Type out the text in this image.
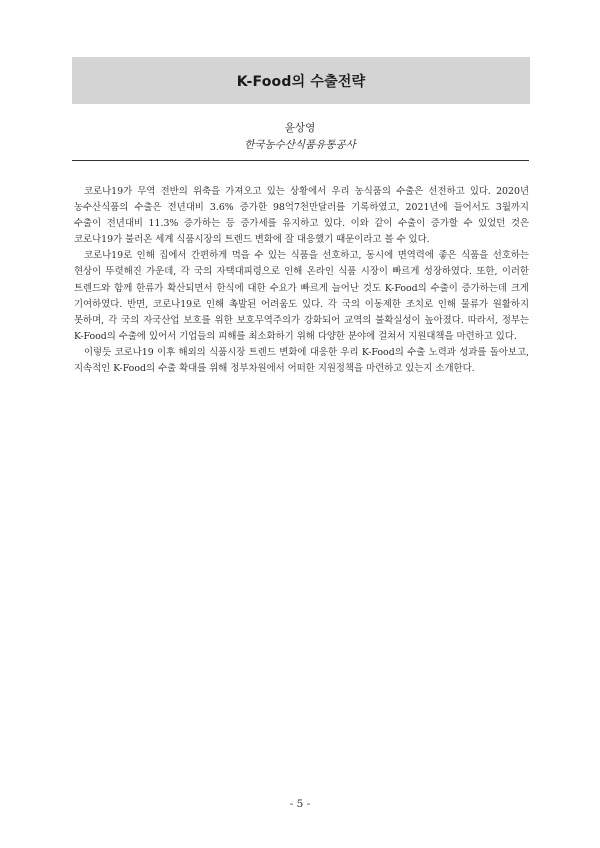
K-Food의 수출전략
윤상영
한국농수산식품유통공사

코로나19가 무역 전반의 위축을 가져오고 있는 상황에서 우리 농식품의 수출은 선전하고 있다. 2020년 농수산식품의 수출은 전년대비 3.6% 증가한 98억7천만달러를 기록하였고, 2021년에 들어서도 3월까지 수출이 전년대비 11.3% 증가하는 등 증가세를 유지하고 있다. 이와 같이 수출이 증가할 수 있었던 것은 코로나19가 불러온 세계 식품시장의 트렌드 변화에 잘 대응했기 때문이라고 볼 수 있다.

코로나19로 인해 집에서 간편하게 먹을 수 있는 식품을 선호하고, 동시에 면역력에 좋은 식품을 선호하는 현상이 뚜렷해진 가운데, 각 국의 자택대피령으로 인해 온라인 식품 시장이 빠르게 성장하였다. 또한, 이러한 트렌드와 함께 한류가 확산되면서 한식에 대한 수요가 빠르게 늘어난 것도 K-Food의 수출이 증가하는데 크게 기여하였다. 반면, 코로나19로 인해 촉발된 어려움도 있다. 각 국의 이동제한 조치로 인해 물류가 원활하지 못하며, 각 국의 자국산업 보호를 위한 보호무역주의가 강화되어 교역의 불확실성이 높아졌다. 따라서, 정부는 K-Food의 수출에 있어서 기업들의 피해를 최소화하기 위해 다양한 분야에 걸쳐서 지원대책을 마련하고 있다.

이렇듯 코로나19 이후 해외의 식품시장 트렌드 변화에 대응한 우리 K-Food의 수출 노력과 성과를 돌아보고, 지속적인 K-Food의 수출 확대를 위해 정부차원에서 어떠한 지원정책을 마련하고 있는지 소개한다.

- 5 -
